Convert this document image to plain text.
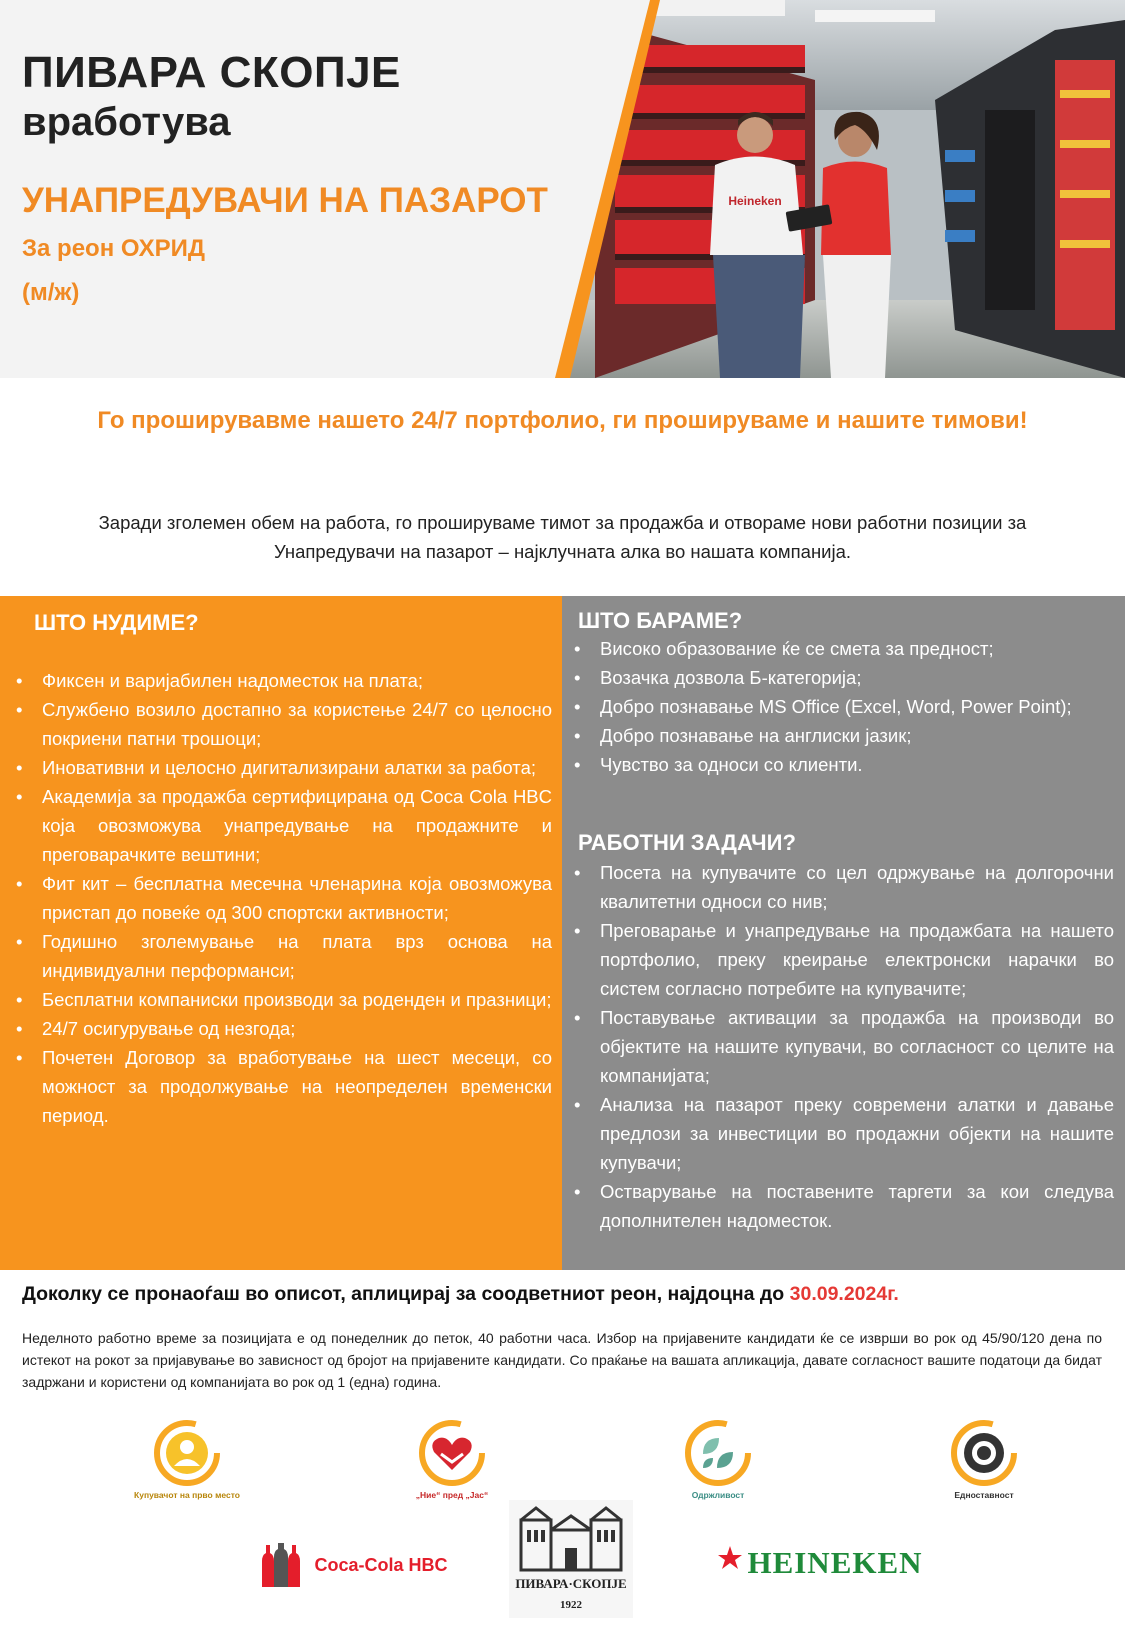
ПИВАРА СКОПЈЕ
вработува
УНАПРЕДУВАЧИ НА ПАЗАРОТ
За реон ОХРИД
(м/ж)
Heineken
Го проширувавме нашето 24/7 портфолио, ги прошируваме и нашите тимови!
Заради зголемен обем на работа, го прошируваме тимот за продажба и отвораме нови работни позиции за Унапредувачи на пазарот – најклучната алка во нашата компанија.
ШТО НУДИМЕ?
• Фиксен и варијабилен надоместок на плата;
• Службено возило достапно за користење 24/7 со целосно покриени патни трошоци;
• Иновативни и целосно дигитализирани алатки за работа;
• Академија за продажба сертифицирана од Coca Cola HBC која овозможува унапредување на продажните и преговарачките вештини;
• Фит кит – бесплатна месечна членарина која овозможува пристап до повеќе од 300 спортски активности;
• Годишно зголемување на плата врз основа на индивидуални перформанси;
• Бесплатни компаниски производи за роденден и празници;
• 24/7 осигурување од незгода;
• Почетен Договор за вработување на шест месеци, со можност за продолжување на неопределен временски период.
ШТО БАРАМЕ?
• Високо образование ќе се смета за предност;
• Возачка дозвола Б-категорија;
• Добро познавање MS Office (Excel, Word, Power Point);
• Добро познавање на англиски јазик;
• Чувство за односи со клиенти.
РАБОТНИ ЗАДАЧИ?
• Посета на купувачите со цел одржување на долгорочни квалитетни односи со нив;
• Преговарање и унапредување на продажбата на нашето портфолио, преку креирање електронски нарачки во систем согласно потребите на купувачите;
• Поставување активации за продажба на производи во објектите на нашите купувачи, во согласност со целите на компанијата;
• Анализа на пазарот преку современи алатки и давање предлози за инвестиции во продажни објекти на нашите купувачи;
• Остварување на поставените таргети за кои следува дополнителен надоместок.
Доколку се пронаоѓаш во описот, аплицирај за соодветниот реон, најдоцна до 30.09.2024г.
Неделното работно време за позицијата е од понеделник до петок, 40 работни часа. Избор на пријавените кандидати ќе се изврши во рок од 45/90/120 дена по истекот на рокот за пријавување во зависност од бројот на пријавените кандидати. Со праќање на вашата апликација, давате согласност вашите податоци да бидат задржани и користени од компанијата во рок од 1 (една) година.
Купувачот на прво место	„Ние“ пред „Јас“	Одржливост	Едноставност
Coca-Cola HBC
ПИВАРА·СКОПЈЕ
1922
HEINEKEN
